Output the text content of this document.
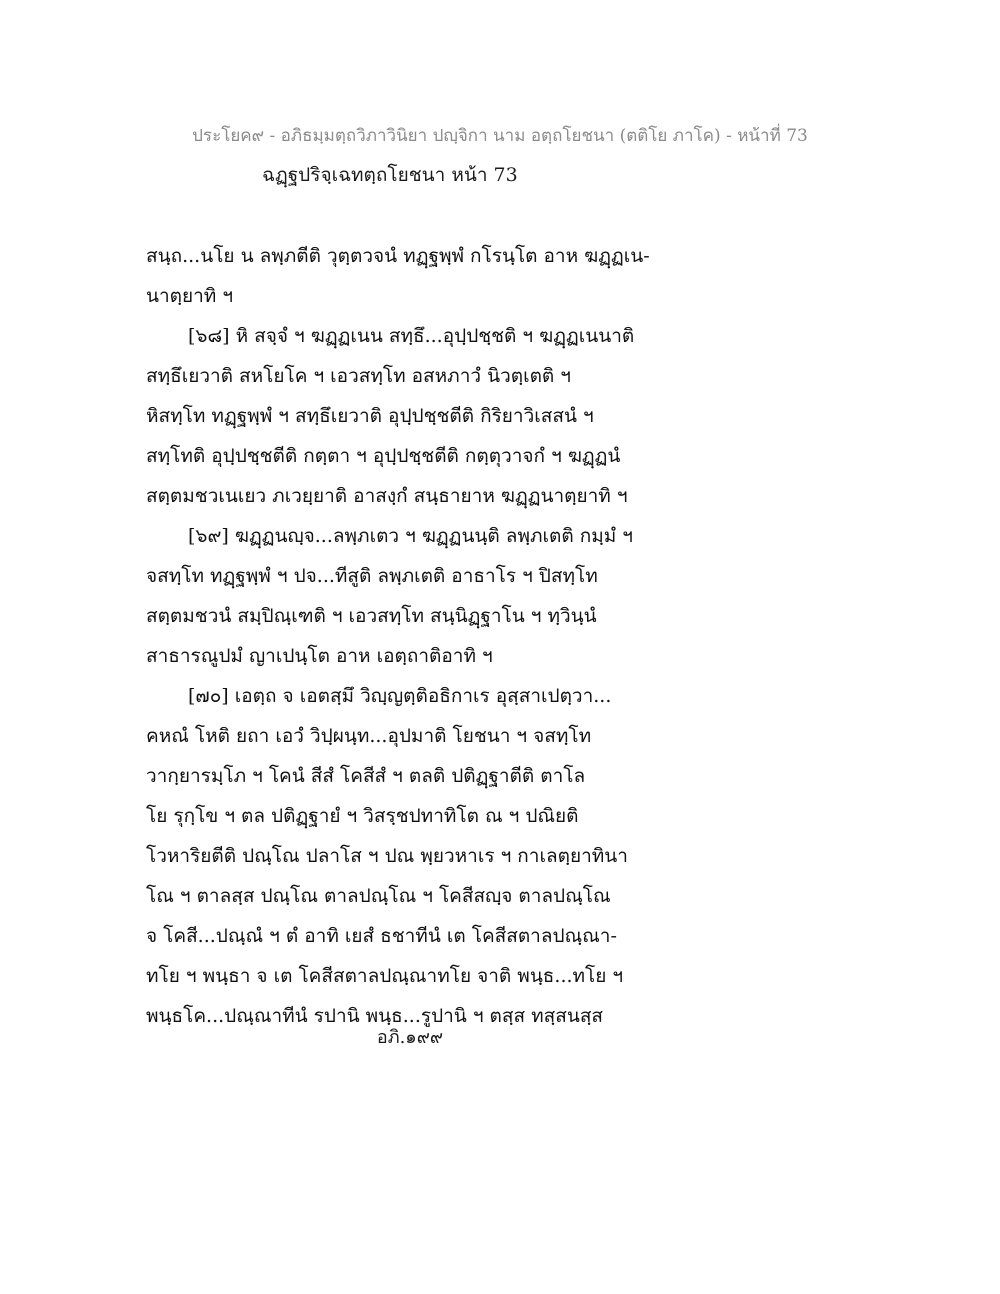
ประโยค๙ - อภิธมฺมตฺถวิภาวินิยา ปญฺจิกา นาม อตฺถโยชนา (ตติโย ภาโค) - หน้าที่ 73
ฉฏฺฐปริจฺเฉทตฺถโยชนา หน้า 73
สนฺถ...นโย น ลพฺภตีติ วุตฺตวจนํ ทฏฺฐพฺพํ กโรนฺโต อาห ฆฏฺฏเน-
นาตฺยาทิ ฯ
[๖๘] หิ สจฺจํ ฯ ฆฏฺฏเนน สทฺธึ...อุปฺปชฺชติ ฯ ฆฏฺฏเนนาติ
สทฺธึเยวาติ สหโยโค ฯ เอวสทฺโท อสหภาวํ นิวตฺเตติ ฯ
หิสทฺโท ทฏฺฐพฺพํ ฯ สทฺธึเยวาติ อุปฺปชฺชตีติ กิริยาวิเสสนํ ฯ
สทฺโทติ อุปฺปชฺชตีติ กตฺตา ฯ อุปฺปชฺชตีติ กตฺตุวาจกํ ฯ ฆฏฺฏนํ
สตฺตมชวเนเยว ภเวยฺยาติ อาสงฺกํ สนฺธายาห ฆฏฺฏนาตฺยาทิ ฯ
[๖๙] ฆฏฺฏนญฺจ...ลพฺภเตว ฯ ฆฏฺฏนนฺติ ลพฺภเตติ กมฺมํ ฯ
จสทฺโท ทฏฺฐพฺพํ ฯ ปจ...ทีสูติ ลพฺภเตติ อาธาโร ฯ ปิสทฺโท
สตฺตมชวนํ สมฺปิณฺเฑติ ฯ เอวสทฺโท สนฺนิฏฺฐาโน ฯ ทฺวินฺนํ
สาธารณูปมํ ญาเปนฺโต อาห เอตฺถาติอาทิ ฯ
[๗๐] เอตฺถ จ เอตสฺมึ วิญฺญตฺติอธิกาเร อุสฺสาเปตฺวา...
คหณํ โหติ ยถา เอวํ วิปฺผนฺท...อุปมาติ โยชนา ฯ จสทฺโท
วากฺยารมฺโภ ฯ โคนํ สีสํ โคสีสํ ฯ ตลติ ปติฏฺฐาตีติ ตาโล
โย รุกฺโข ฯ ตล ปติฏฺฐายํ ฯ วิสรฺชปทาทิโต ณ ฯ ปณิยติ
โวหาริยตีติ ปณฺโณ ปลาโส ฯ ปณ พฺยวหาเร ฯ กาเลตฺยาทินา
โณ ฯ ตาลสฺส ปณฺโณ ตาลปณฺโณ ฯ โคสีสญฺจ ตาลปณฺโณ
จ โคสี...ปณฺณํ ฯ ตํ อาทิ เยสํ ธชาทีนํ เต โคสีสตาลปณฺณา-
ทโย ฯ พนฺธา จ เต โคสีสตาลปณฺณาทโย จาติ พนฺธ...ทโย ฯ
พนฺธโค...ปณฺณาทีนํ รปานิ พนฺธ...รูปานิ ฯ ตสฺส ทสฺสนสฺส
อภิ.๑๙๙
